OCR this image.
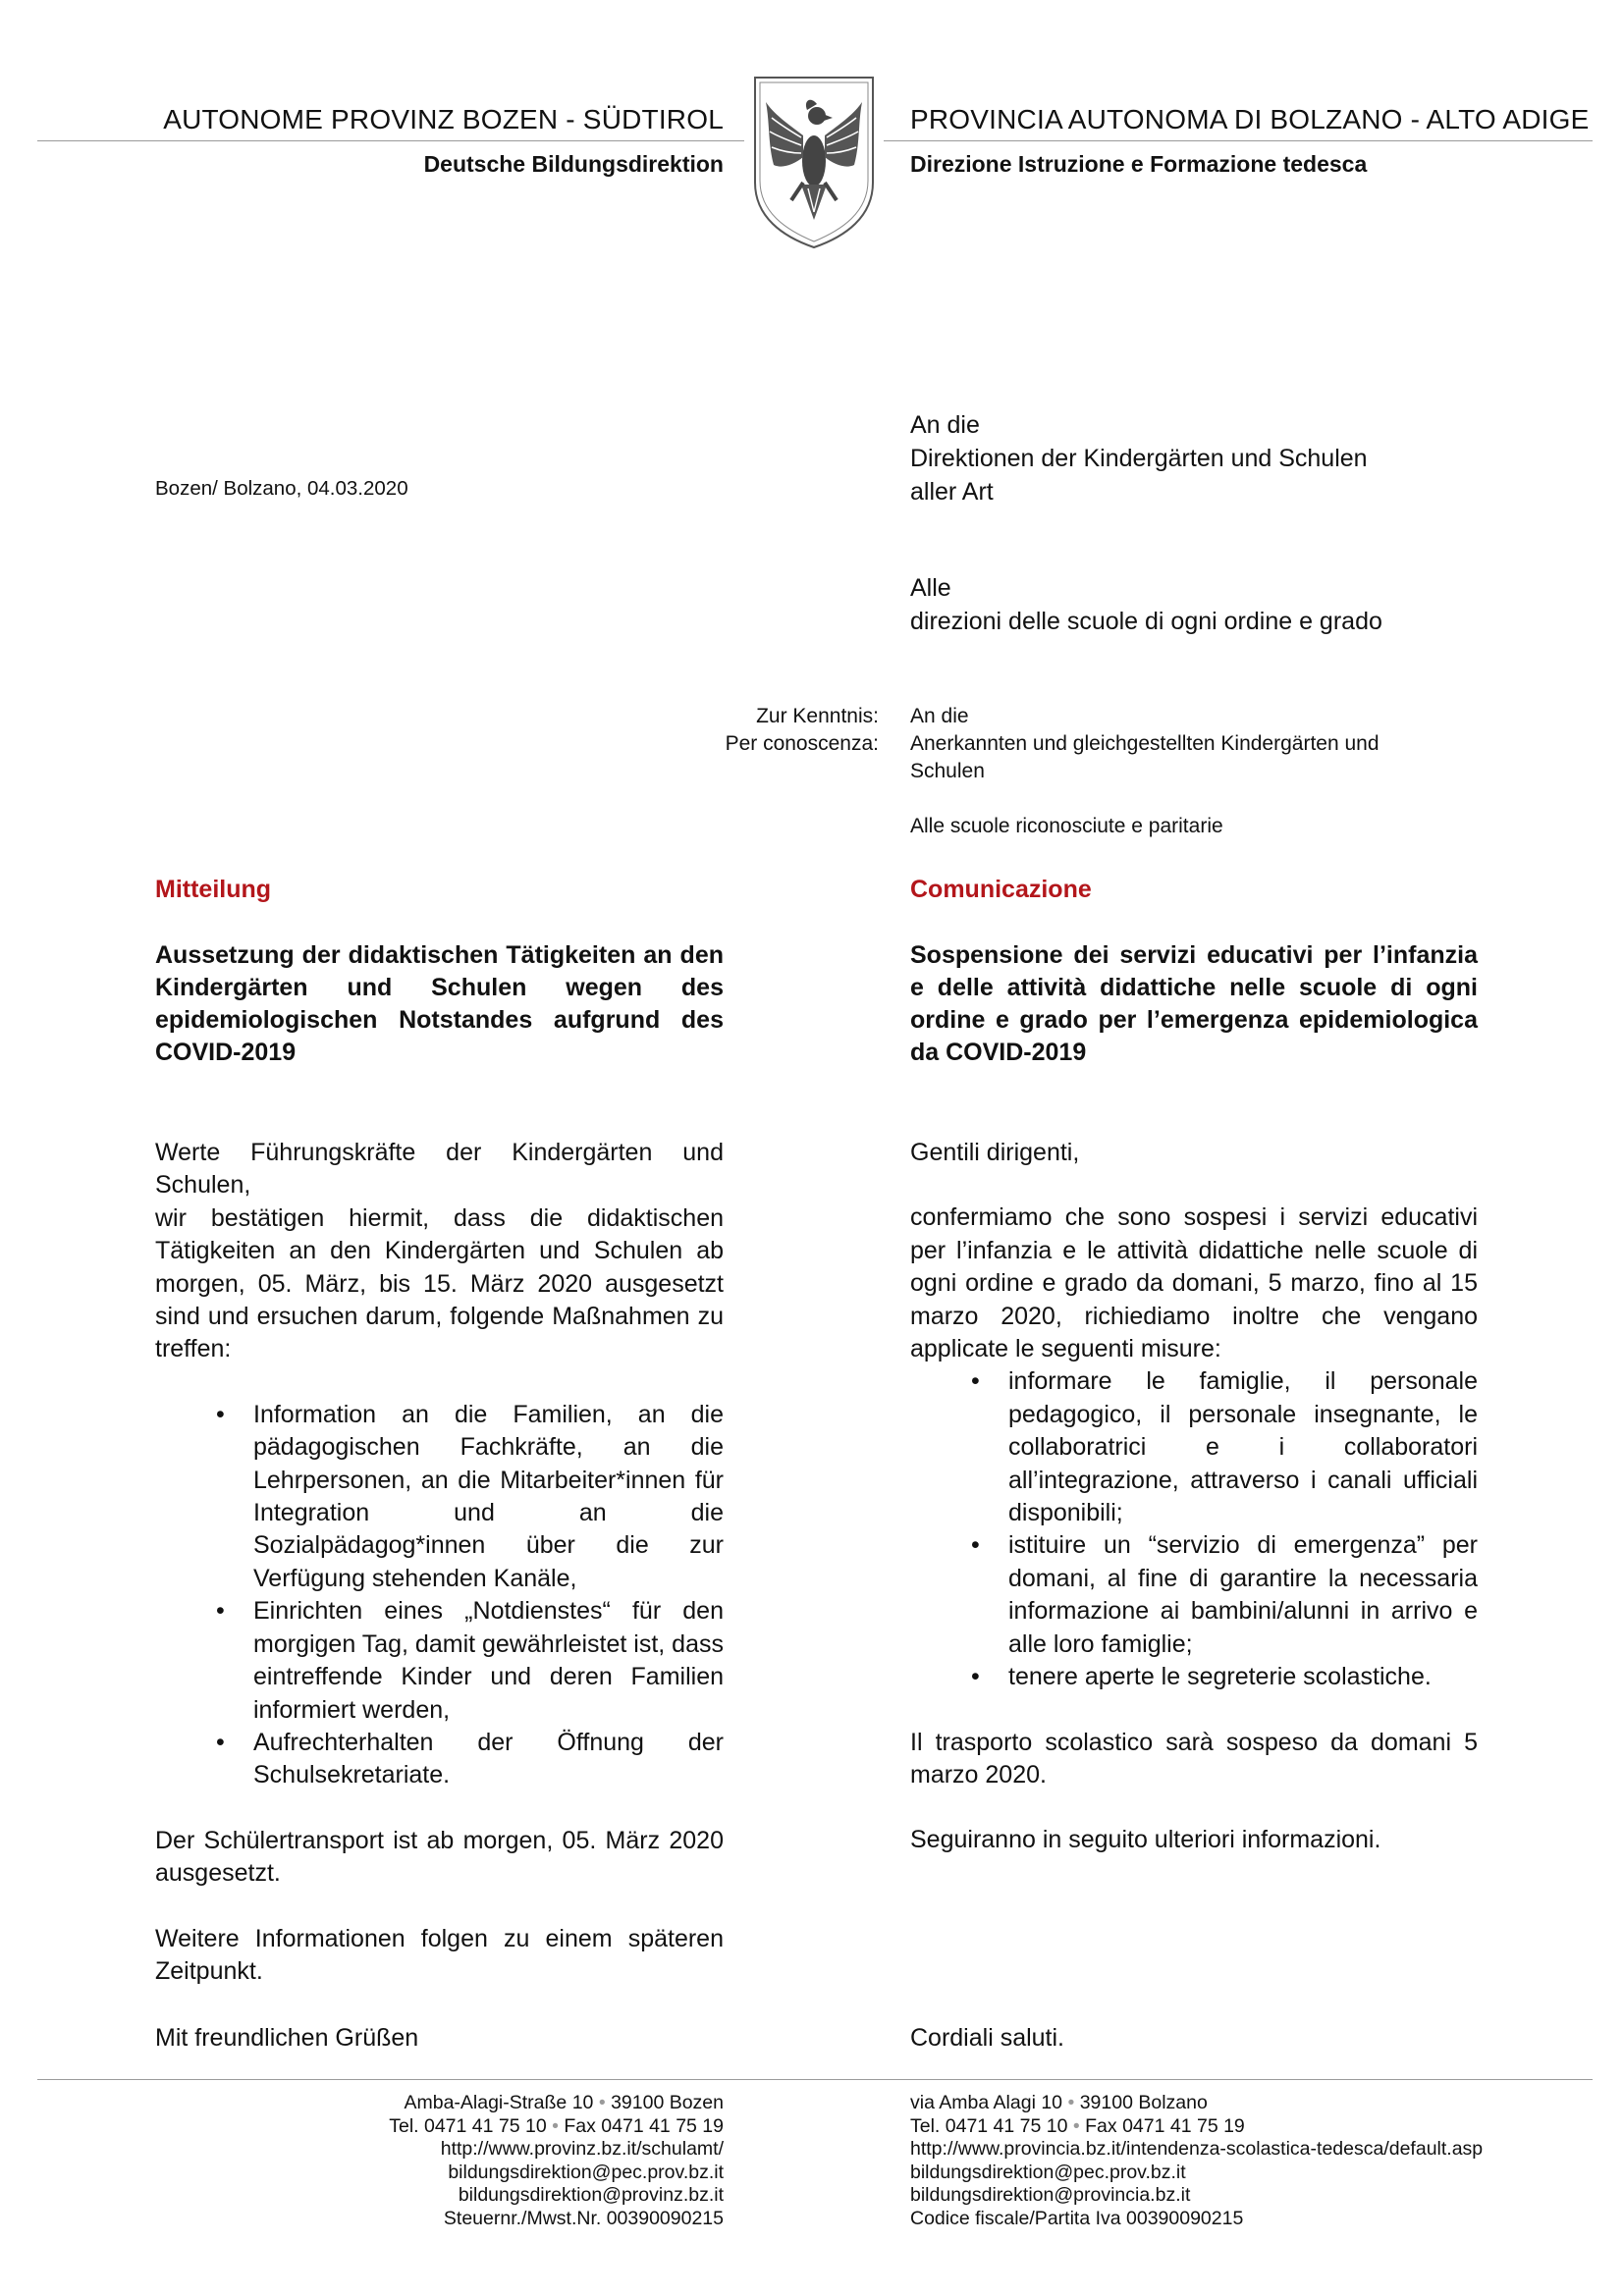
AUTONOME PROVINZ BOZEN - SÜDTIROL
Deutsche Bildungsdirektion
PROVINCIA AUTONOMA DI BOLZANO - ALTO ADIGE
Direzione Istruzione e Formazione tedesca
Bozen/ Bolzano, 04.03.2020
An die
Direktionen der Kindergärten und Schulen
aller Art
Alle
direzioni delle scuole di ogni ordine e grado
Zur Kenntnis:
Per conoscenza:
An die
Anerkannten und gleichgestellten Kindergärten und
Schulen
Alle scuole riconosciute e paritarie
Mitteilung	Comunicazione
Aussetzung der didaktischen Tätigkeiten an den Kindergärten und Schulen wegen des epidemiologischen Notstandes aufgrund des COVID-2019
Sospensione dei servizi educativi per l’infanzia e delle attività didattiche nelle scuole di ogni ordine e grado per l’emergenza epidemiologica da COVID-2019

Werte Führungskräfte der Kindergärten und Schulen,

wir bestätigen hiermit, dass die didaktischen Tätigkeiten an den Kindergärten und Schulen ab morgen, 05. März, bis 15. März 2020 ausgesetzt sind und ersuchen darum, folgende Maßnahmen zu treffen:

• Information an die Familien, an die pädagogischen Fachkräfte, an die Lehrpersonen, an die Mitarbeiter*innen für Integration und an die Sozialpädagog*innen über die zur Verfügung stehenden Kanäle,
• Einrichten eines „Notdienstes“ für den morgigen Tag, damit gewährleistet ist, dass eintreffende Kinder und deren Familien informiert werden,
• Aufrechterhalten der Öffnung der Schulsekretariate.

Der Schülertransport ist ab morgen, 05. März 2020 ausgesetzt.

Weitere Informationen folgen zu einem späteren Zeitpunkt.

Mit freundlichen Grüßen

Gentili dirigenti,

confermiamo che sono sospesi i servizi educativi per l’infanzia e le attività didattiche nelle scuole di ogni ordine e grado da domani, 5 marzo, fino al 15 marzo 2020, richiediamo inoltre che vengano applicate le seguenti misure:

• informare le famiglie, il personale pedagogico, il personale insegnante, le collaboratrici e i collaboratori all’integrazione, attraverso i canali ufficiali disponibili;
• istituire un “servizio di emergenza” per domani, al fine di garantire la necessaria informazione ai bambini/alunni in arrivo e alle loro famiglie;
• tenere aperte le segreterie scolastiche.

Il trasporto scolastico sarà sospeso da domani 5 marzo 2020.

Seguiranno in seguito ulteriori informazioni.

Cordiali saluti.
Amba-Alagi-Straße 10 • 39100 Bozen
Tel. 0471 41 75 10 • Fax 0471 41 75 19
http://www.provinz.bz.it/schulamt/
bildungsdirektion@pec.prov.bz.it
bildungsdirektion@provinz.bz.it
Steuernr./Mwst.Nr. 00390090215
via Amba Alagi 10 • 39100 Bolzano
Tel. 0471 41 75 10 • Fax 0471 41 75 19
http://www.provincia.bz.it/intendenza-scolastica-tedesca/default.asp
bildungsdirektion@pec.prov.bz.it
bildungsdirektion@provincia.bz.it
Codice fiscale/Partita Iva 00390090215
